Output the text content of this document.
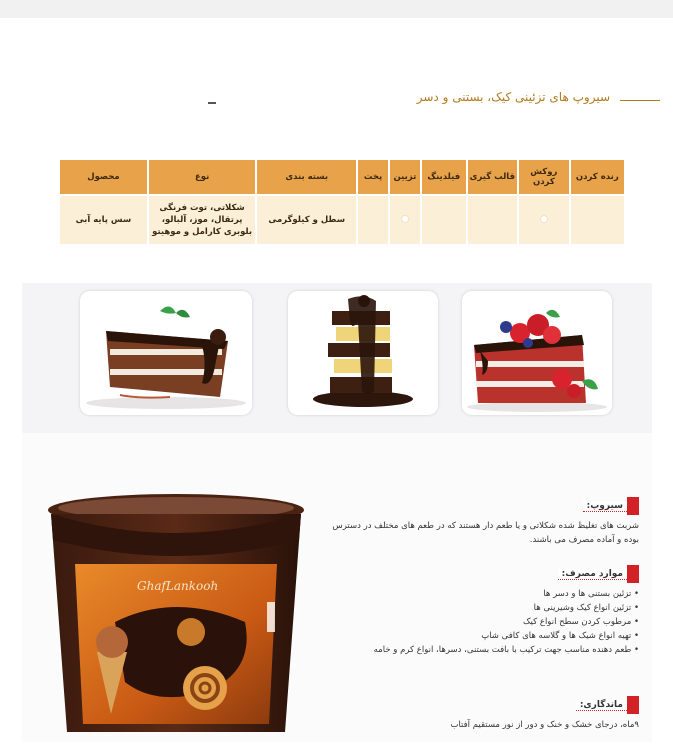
سیروپ های تزئینی کیک، بستنی و دسر
رنده کردن	روکش کردن	قالب گیری	فیلدینگ	تزیین	پخت	بسته بندی	نوع	محصول
						سطل و کیلوگرمی	شکلاتی، توت فرنگی پرتقال، موز، آلبالو، بلوبری کارامل و موهیتو	سس پایه آبی
GhafLankooh
سیروپ:
شربت های تغلیظ شده شکلاتی و یا طعم دار هستند که در طعم های مختلف در دسترس بوده و آماده مصرف می باشند.
موارد مصرف:
• تزئین بستنی ها و دسر ها
• تزئین انواع کیک وشیرینی ها
• مرطوب کردن سطح انواع کیک
• تهیه انواع شیک ها و گلاسه های کافی شاپ
• طعم دهنده مناسب جهت ترکیب با بافت بستنی، دسرها، انواع کرم و خامه
ماندگاری:
۹ماه، درجای خشک و خنک و دور از نور مستقیم آفتاب
